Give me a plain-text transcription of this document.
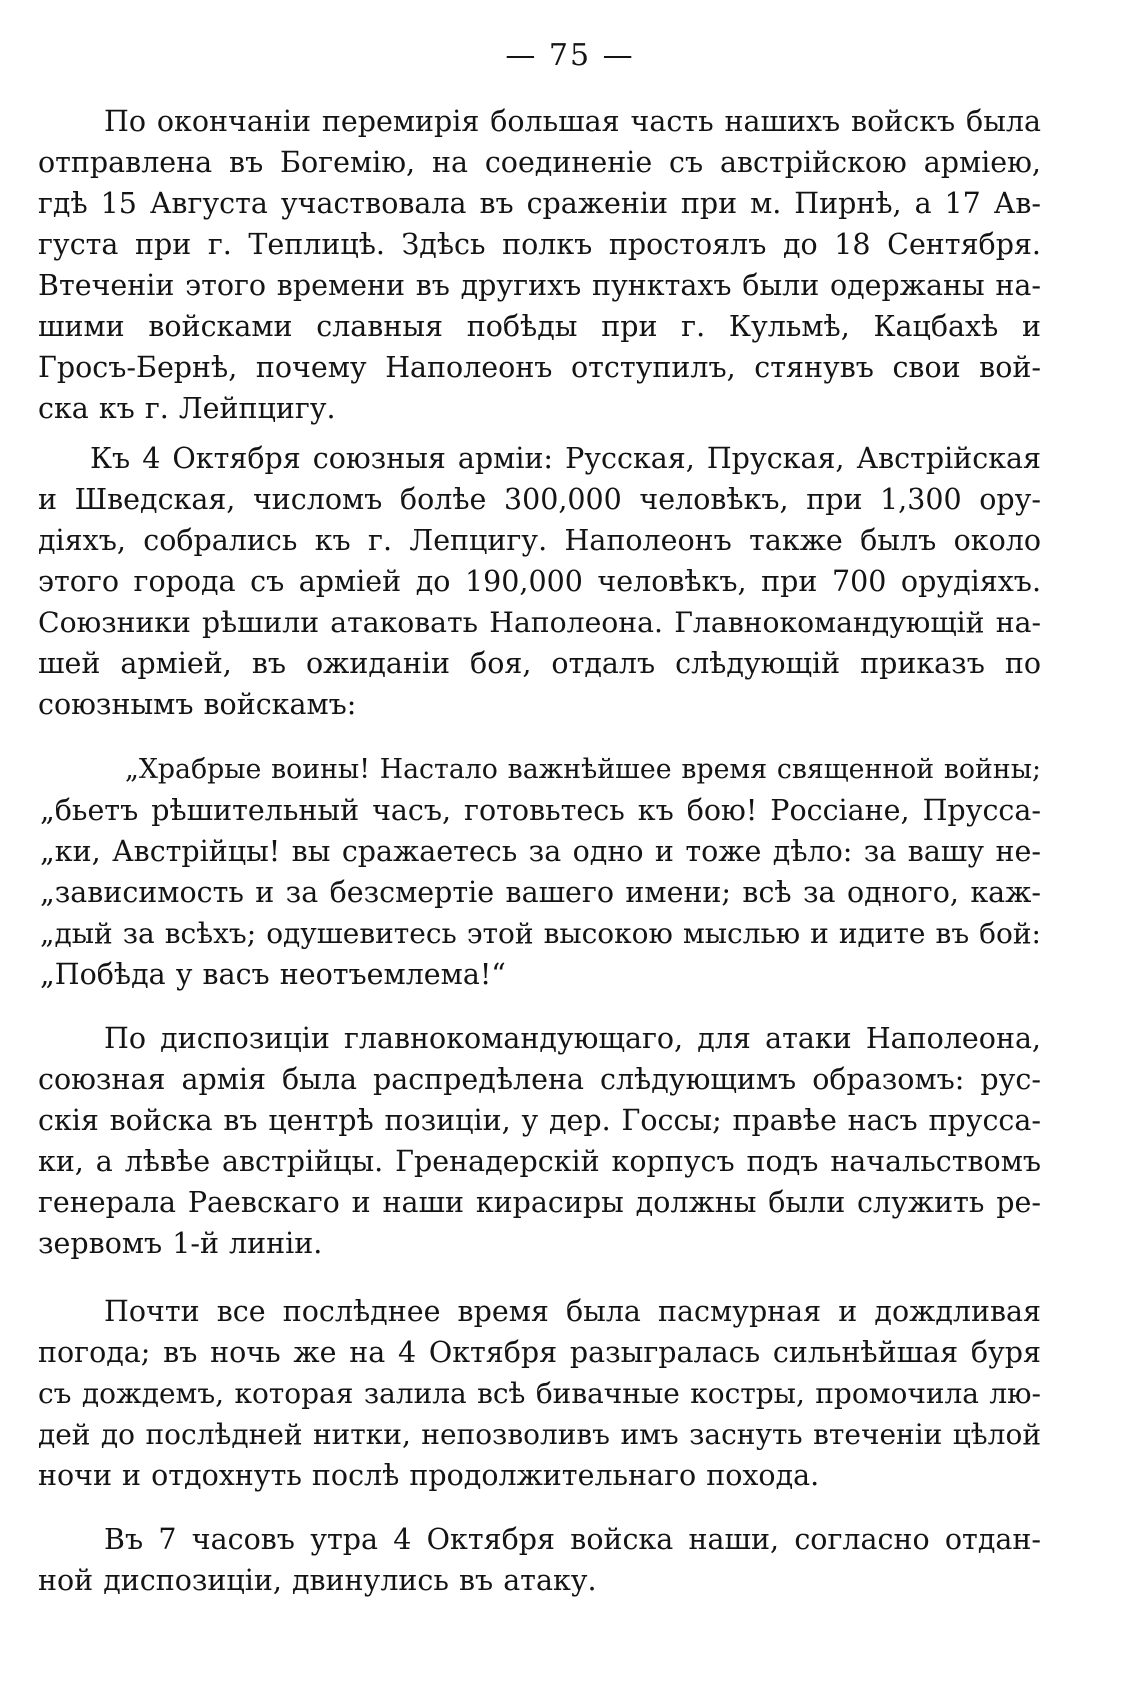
— 75 —
По окончаніи перемирія большая часть нашихъ войскъ была
отправлена въ Богемію, на соединеніе съ австрійскою арміею,
гдѣ 15 Августа участвовала въ сраженіи при м. Пирнѣ, а 17 Ав-
густа при г. Теплицѣ. Здѣсь полкъ простоялъ до 18 Сентября.
Втеченіи этого времени въ другихъ пунктахъ были одержаны на-
шими войсками славныя побѣды при г. Кульмѣ, Кацбахѣ и
Гросъ-Бернѣ, почему Наполеонъ отступилъ, стянувъ свои вой-
ска къ г. Лейпцигу.
Къ 4 Октября союзныя арміи: Русская, Пруская, Австрійская
и Шведская, числомъ болѣе 300,000 человѣкъ, при 1,300 ору-
діяхъ, собрались къ г. Лепцигу. Наполеонъ также былъ около
этого города съ арміей до 190,000 человѣкъ, при 700 орудіяхъ.
Союзники рѣшили атаковать Наполеона. Главнокомандующій на-
шей арміей, въ ожиданіи боя, отдалъ слѣдующій приказъ по
союзнымъ войскамъ:
„Храбрые воины! Настало важнѣйшее время священной войны;
„бьетъ рѣшительный часъ, готовьтесь къ бою! Россіане, Прусса-
„ки, Австрійцы! вы сражаетесь за одно и тоже дѣло: за вашу не-
„зависимость и за безсмертіе вашего имени; всѣ за одного, каж-
„дый за всѣхъ; одушевитесь этой высокою мыслью и идите въ бой:
„Побѣда у васъ неотъемлема!“
По диспозиціи главнокомандующаго, для атаки Наполеона,
союзная армія была распредѣлена слѣдующимъ образомъ: рус-
скія войска въ центрѣ позиціи, у дер. Госсы; правѣе насъ прусса-
ки, а лѣвѣе австрійцы. Гренадерскій корпусъ подъ начальствомъ
генерала Раевскаго и наши кирасиры должны были служить ре-
зервомъ 1-й линіи.
Почти все послѣднее время была пасмурная и дождливая
погода; въ ночь же на 4 Октября разыгралась сильнѣйшая буря
съ дождемъ, которая залила всѣ бивачные костры, промочила лю-
дей до послѣдней нитки, непозволивъ имъ заснуть втеченіи цѣлой
ночи и отдохнуть послѣ продолжительнаго похода.
Въ 7 часовъ утра 4 Октября войска наши, согласно отдан-
ной диспозиціи, двинулись въ атаку.
